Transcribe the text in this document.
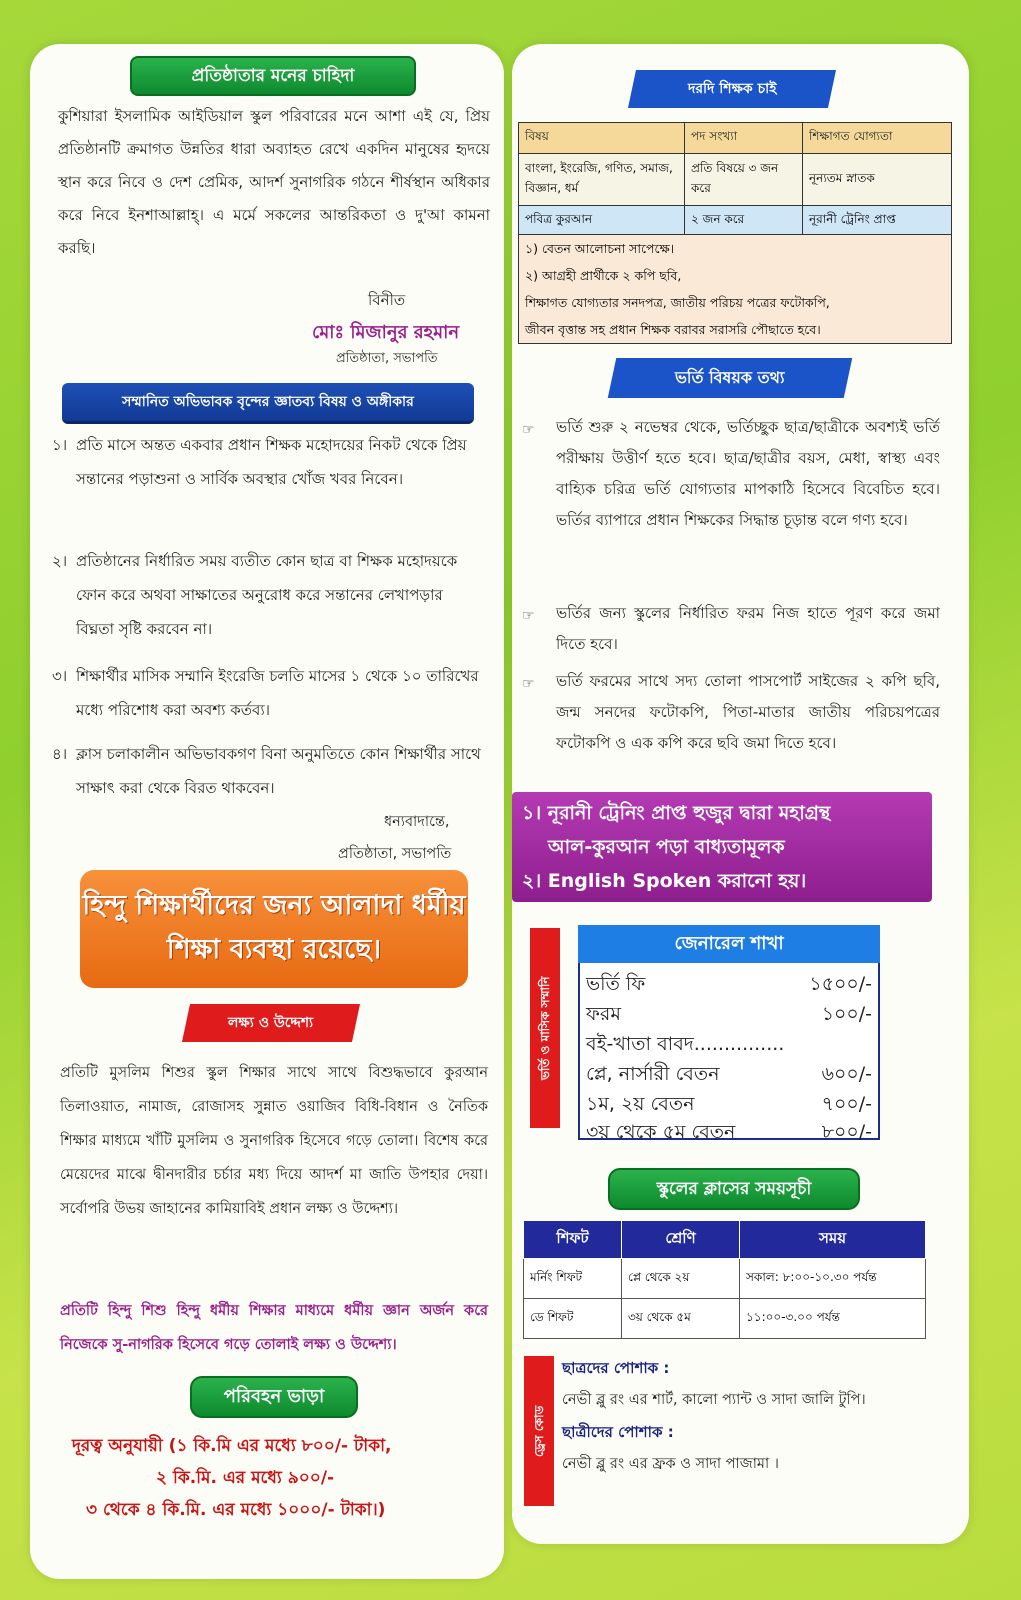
প্রতিষ্ঠাতার মনের চাহিদা
কুশিয়ারা ইসলামিক আইডিয়াল স্কুল পরিবারের মনে আশা এই যে, প্রিয় প্রতিষ্ঠানটি ক্রমাগত উন্নতির ধারা অব্যাহত রেখে একদিন মানুষের হৃদয়ে স্থান করে নিবে ও দেশ প্রেমিক, আদর্শ সুনাগরিক গঠনে শীর্ষস্থান অধিকার করে নিবে ইনশাআল্লাহ্‌। এ মর্মে সকলের আন্তরিকতা ও দু'আ কামনা করছি।
বিনীত
মোঃ মিজানুর রহমান
প্রতিষ্ঠাতা, সভাপতি
সম্মানিত অভিভাবক বৃন্দের জ্ঞাতব্য বিষয় ও অঙ্গীকার
১। প্রতি মাসে অন্তত একবার প্রধান শিক্ষক মহোদয়ের নিকট থেকে প্রিয় সন্তানের পড়াশুনা ও সার্বিক অবস্থার খোঁজ খবর নিবেন।
২। প্রতিষ্ঠানের নির্ধারিত সময় ব্যতীত কোন ছাত্র বা শিক্ষক মহোদয়কে ফোন করে অথবা সাক্ষাতের অনুরোধ করে সন্তানের লেখাপড়ার বিঘ্নতা সৃষ্টি করবেন না।
৩। শিক্ষার্থীর মাসিক সম্মানি ইংরেজি চলতি মাসের ১ থেকে ১০ তারিখের মধ্যে পরিশোধ করা অবশ্য কর্তব্য।
৪। ক্লাস চলাকালীন অভিভাবকগণ বিনা অনুমতিতে কোন শিক্ষার্থীর সাথে সাক্ষাৎ করা থেকে বিরত থাকবেন।
ধন্যবাদান্তে,
প্রতিষ্ঠাতা, সভাপতি
হিন্দু শিক্ষার্থীদের জন্য আলাদা ধর্মীয় শিক্ষা ব্যবস্থা রয়েছে।
লক্ষ্য ও উদ্দেশ্য
প্রতিটি মুসলিম শিশুর স্কুল শিক্ষার সাথে সাথে বিশুদ্ধভাবে কুরআন তিলাওয়াত, নামাজ, রোজাসহ সুন্নাত ওয়াজিব বিধি-বিধান ও নৈতিক শিক্ষার মাধ্যমে খাঁটি মুসলিম ও সুনাগরিক হিসেবে গড়ে তোলা। বিশেষ করে মেয়েদের মাঝে দ্বীনদারীর চর্চার মধ্য দিয়ে আদর্শ মা জাতি উপহার দেয়া। সর্বোপরি উভয় জাহানের কামিয়াবিই প্রধান লক্ষ্য ও উদ্দেশ্য।
প্রতিটি হিন্দু শিশু হিন্দু ধর্মীয় শিক্ষার মাধ্যমে ধর্মীয় জ্ঞান অর্জন করে নিজেকে সু-নাগরিক হিসেবে গড়ে তোলাই লক্ষ্য ও উদ্দেশ্য।
পরিবহন ভাড়া
দূরত্ব অনুযায়ী (১ কি.মি এর মধ্যে ৮০০/- টাকা,
২ কি.মি. এর মধ্যে ৯০০/-
৩ থেকে ৪ কি.মি. এর মধ্যে ১০০০/- টাকা।)
দরদি শিক্ষক চাই
বিষয়	পদ সংখ্যা	শিক্ষাগত যোগ্যতা
বাংলা, ইংরেজি, গণিত, সমাজ, বিজ্ঞান, ধর্ম	প্রতি বিষয়ে ৩ জন করে	নূন্যতম স্নাতক
পবিত্র কুরআন	২ জন করে	নূরানী ট্রেনিং প্রাপ্ত
১) বেতন আলোচনা সাপেক্ষে।
২) আগ্রহী প্রার্থীকে ২ কপি ছবি,
শিক্ষাগত যোগ্যতার সনদপত্র, জাতীয় পরিচয় পত্রের ফটোকপি,
জীবন বৃত্তান্ত সহ প্রধান শিক্ষক বরাবর সরাসরি পৌছাতে হবে।
ভর্তি বিষয়ক তথ্য
☞ ভর্তি শুরু ২ নভেম্বর থেকে, ভর্তিচ্ছুক ছাত্র/ছাত্রীকে অবশ্যই ভর্তি পরীক্ষায় উত্তীর্ণ হতে হবে। ছাত্র/ছাত্রীর বয়স, মেধা, স্বাস্থ্য এবং বাহ্যিক চরিত্র ভর্তি যোগ্যতার মাপকাঠি হিসেবে বিবেচিত হবে। ভর্তির ব্যাপারে প্রধান শিক্ষকের সিদ্ধান্ত চূড়ান্ত বলে গণ্য হবে।
☞ ভর্তির জন্য স্কুলের নির্ধারিত ফরম নিজ হাতে পূরণ করে জমা দিতে হবে।
☞ ভর্তি ফরমের সাথে সদ্য তোলা পাসপোর্ট সাইজের ২ কপি ছবি, জন্ম সনদের ফটোকপি, পিতা-মাতার জাতীয় পরিচয়পত্রের ফটোকপি ও এক কপি করে ছবি জমা দিতে হবে।
১। নূরানী ট্রেনিং প্রাপ্ত হুজুর দ্বারা মহাগ্রন্থ
আল-কুরআন পড়া বাধ্যতামূলক
২। English Spoken করানো হয়।
ভর্তি ও মাসিক সম্মানি
জেনারেল শাখা
ভর্তি ফি	১৫০০/-
ফরম	১০০/-
বই-খাতা বাবদ...............
প্লে, নার্সারী বেতন	৬০০/-
১ম, ২য় বেতন	৭০০/-
৩য় থেকে ৫ম বেতন	৮০০/-
স্কুলের ক্লাসের সময়সূচী
শিফট	শ্রেণি	সময়
মর্নিং শিফট	প্লে থেকে ২য়	সকাল: ৮:০০-১০.৩০ পর্যন্ত
ডে শিফট	৩য় থেকে ৫ম	১১:০০-৩.০০ পর্যন্ত
ড্রেস কোড
ছাত্রদের পোশাক :
নেভী ব্লু রং এর শার্ট, কালো প্যান্ট ও সাদা জালি টুপি।
ছাত্রীদের পোশাক :
নেভী ব্লু রং এর ফ্রক ও সাদা পাজামা ।
